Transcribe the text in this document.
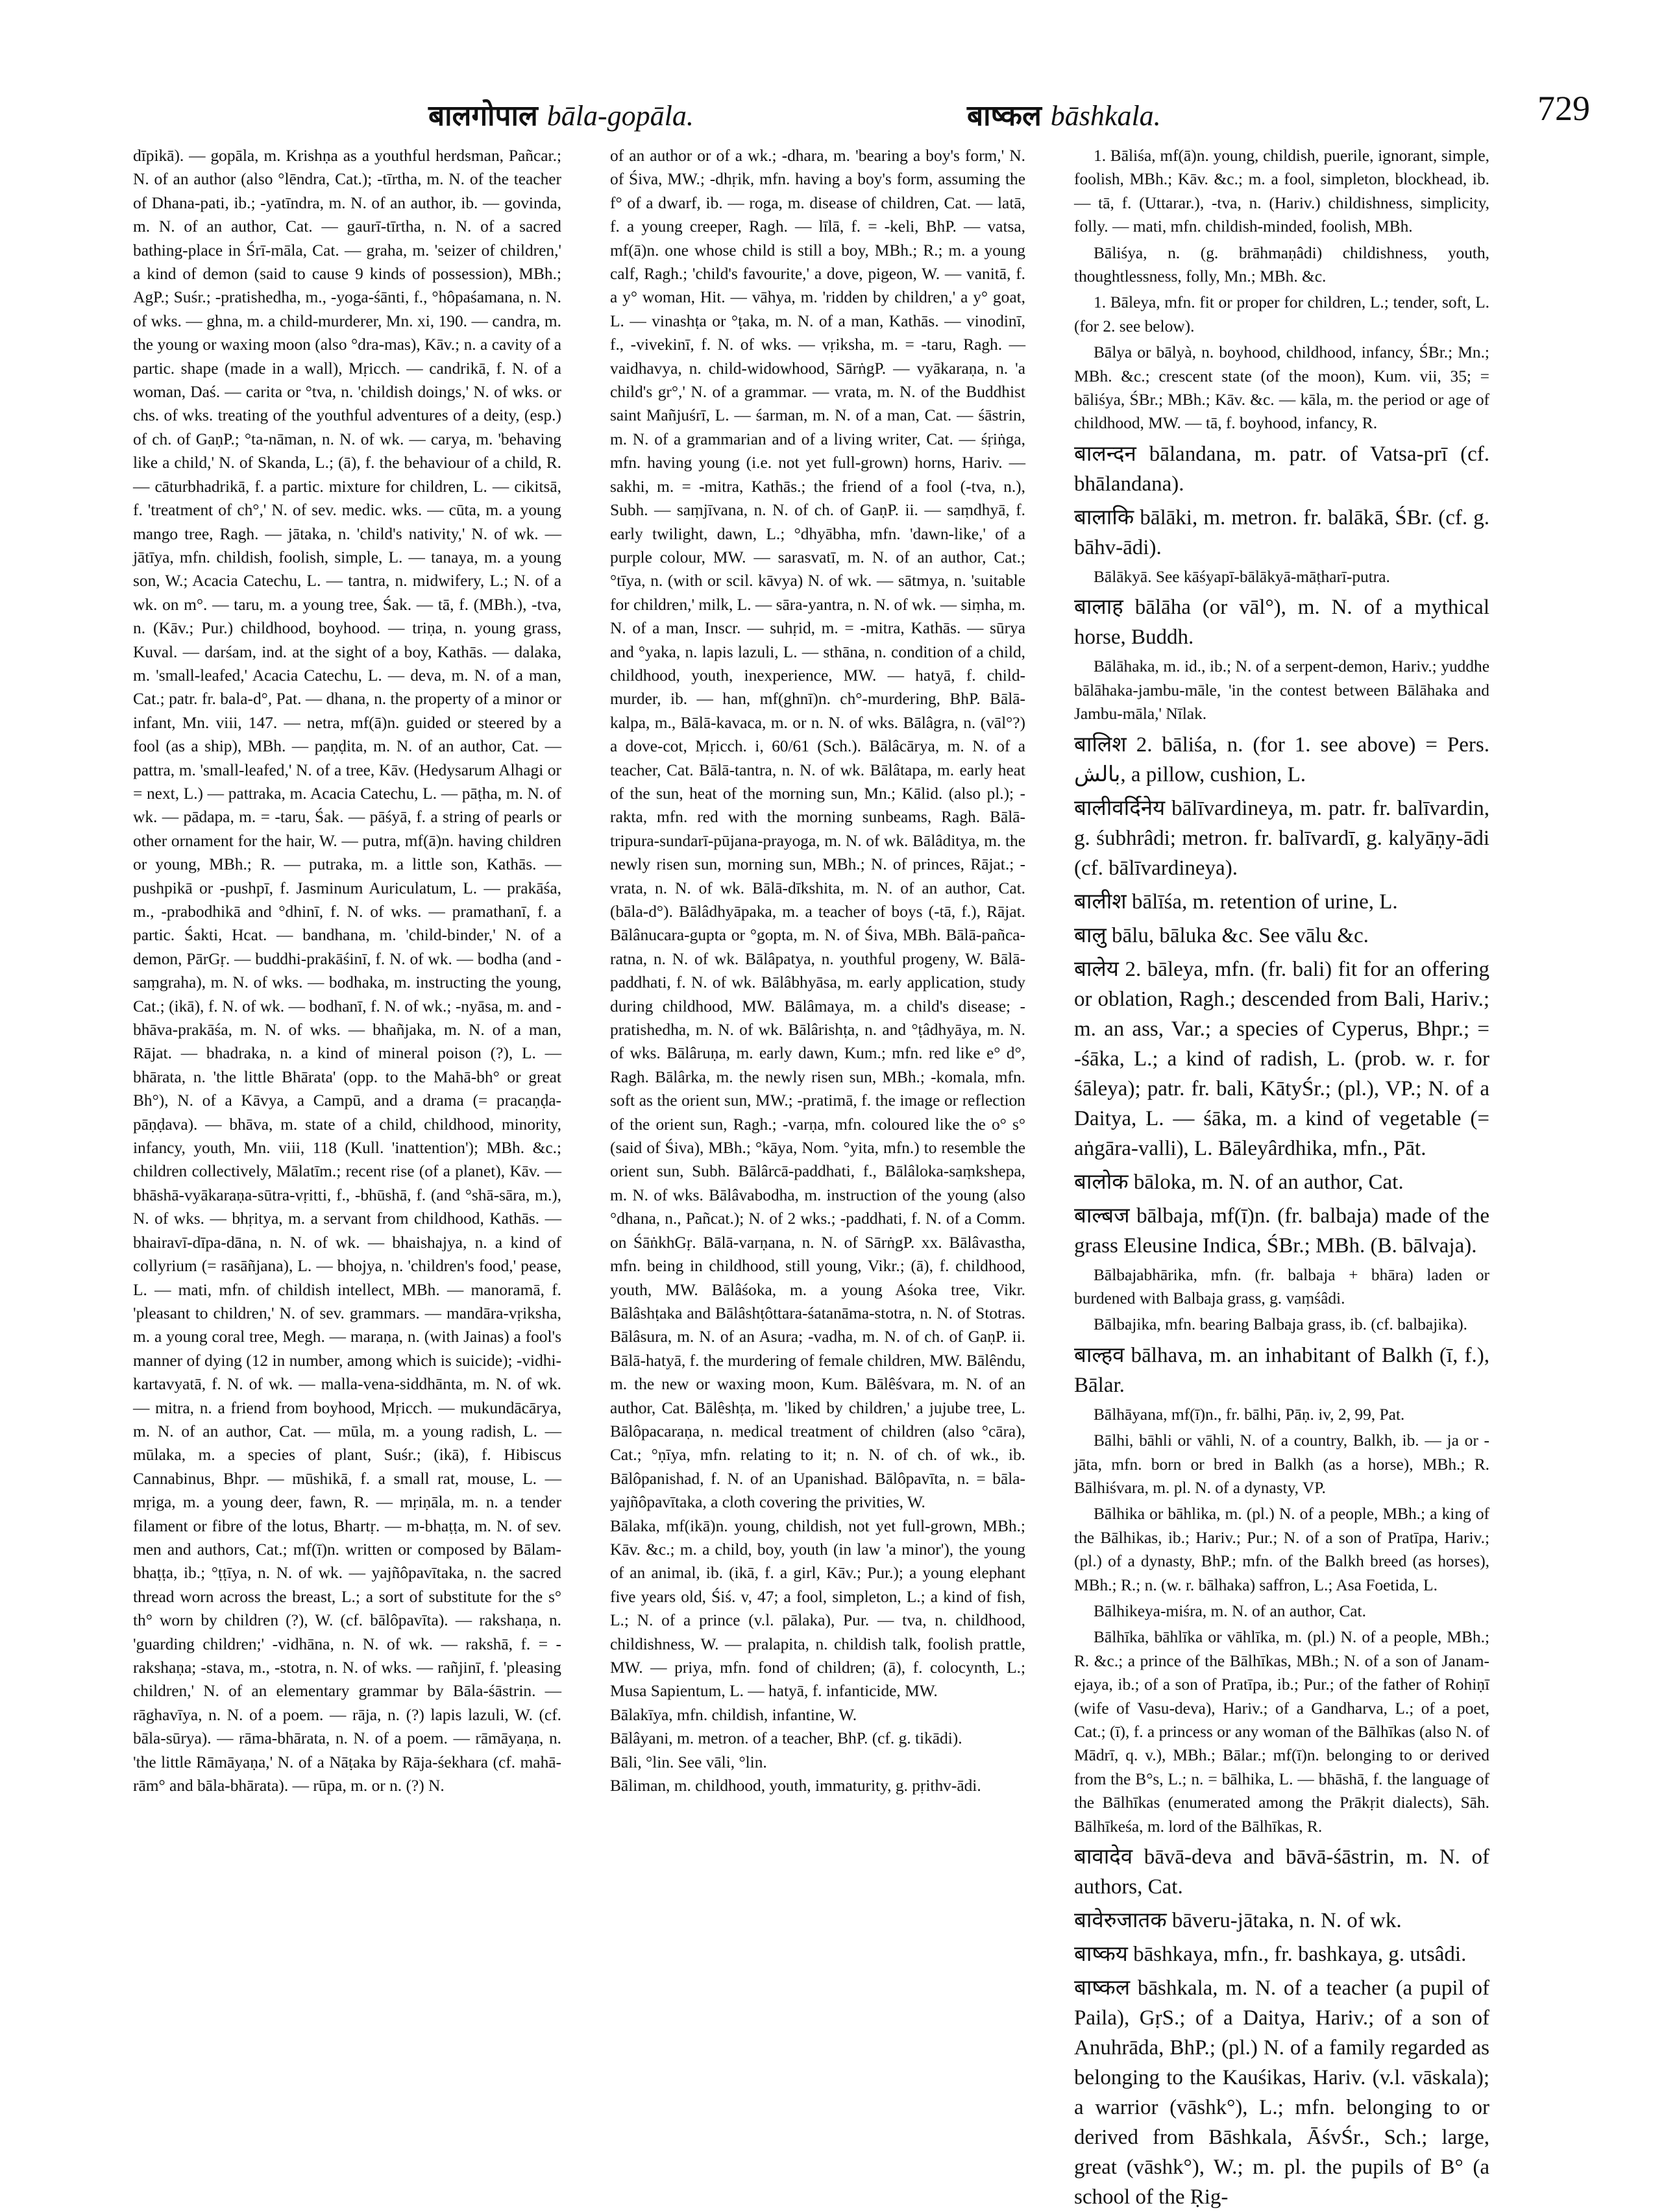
बालगोपाल bāla-gopāla.	बाष्कल bāshkala.	729

dīpikā). — gopāla, m. Krishṇa as a youthful herdsman, Pañcar.; N. of an author (also °lēndra, Cat.); -tīrtha, m. N. of the teacher of Dhana-pati, ib.; -yatīndra, m. N. of an author, ib. — govinda, m. N. of an author, Cat. — gaurī-tīrtha, n. N. of a sacred bathing-place in Śrī-māla, Cat. — graha, m. 'seizer of children,' a kind of demon (said to cause 9 kinds of possession), MBh.; AgP.; Suśr.; -pratishedha, m., -yoga-śānti, f., °hôpaśamana, n. N. of wks. — ghna, m. a child-murderer, Mn. xi, 190. — candra, m. the young or waxing moon (also °dra-mas), Kāv.; n. a cavity of a partic. shape (made in a wall), Mṛicch. — candrikā, f. N. of a woman, Daś. — carita or °tva, n. 'childish doings,' N. of wks. or chs. of wks. treating of the youthful adventures of a deity, (esp.) of ch. of GaṇP.; °ta-nāman, n. N. of wk. — carya, m. 'behaving like a child,' N. of Skanda, L.; (ā), f. the behaviour of a child, R. — cāturbhadrikā, f. a partic. mixture for children, L. — cikitsā, f. 'treatment of ch°,' N. of sev. medic. wks. — cūta, m. a young mango tree, Ragh. — jātaka, n. 'child's nativity,' N. of wk. — jātīya, mfn. childish, foolish, simple, L. — tanaya, m. a young son, W.; Acacia Catechu, L. — tantra, n. midwifery, L.; N. of a wk. on m°. — taru, m. a young tree, Śak. — tā, f. (MBh.), -tva, n. (Kāv.; Pur.) childhood, boyhood. — triṇa, n. young grass, Kuval. — darśam, ind. at the sight of a boy, Kathās. — dalaka, m. 'small-leafed,' Acacia Catechu, L. — deva, m. N. of a man, Cat.; patr. fr. bala-d°, Pat. — dhana, n. the property of a minor or infant, Mn. viii, 147. — netra, mf(ā)n. guided or steered by a fool (as a ship), MBh. — paṇḍita, m. N. of an author, Cat. — pattra, m. 'small-leafed,' N. of a tree, Kāv. (Hedysarum Alhagi or = next, L.) — pattraka, m. Acacia Catechu, L. — pāṭha, m. N. of wk. — pādapa, m. = -taru, Śak. — pāśyā, f. a string of pearls or other ornament for the hair, W. — putra, mf(ā)n. having children or young, MBh.; R. — putraka, m. a little son, Kathās. — pushpikā or -pushpī, f. Jasminum Auriculatum, L. — prakāśa, m., -prabodhikā and °dhinī, f. N. of wks. — pramathanī, f. a partic. Śakti, Hcat. — bandhana, m. 'child-binder,' N. of a demon, PārGṛ. — buddhi-prakāśinī, f. N. of wk. — bodha (and -saṃgraha), m. N. of wks. — bodhaka, m. instructing the young, Cat.; (ikā), f. N. of wk. — bodhanī, f. N. of wk.; -nyāsa, m. and -bhāva-prakāśa, m. N. of wks. — bhañjaka, m. N. of a man, Rājat. — bhadraka, n. a kind of mineral poison (?), L. — bhārata, n. 'the little Bhārata' (opp. to the Mahā-bh° or great Bh°), N. of a Kāvya, a Campū, and a drama (= pracaṇḍa-pāṇḍava). — bhāva, m. state of a child, childhood, minority, infancy, youth, Mn. viii, 118 (Kull. 'inattention'); MBh. &c.; children collectively, Mālatīm.; recent rise (of a planet), Kāv. — bhāshā-vyākaraṇa-sūtra-vṛitti, f., -bhūshā, f. (and °shā-sāra, m.), N. of wks. — bhṛitya, m. a servant from childhood, Kathās. — bhairavī-dīpa-dāna, n. N. of wk. — bhaishajya, n. a kind of collyrium (= rasāñjana), L. — bhojya, n. 'children's food,' pease, L. — mati, mfn. of childish intellect, MBh. — manoramā, f. 'pleasant to children,' N. of sev. grammars. — mandāra-vṛiksha, m. a young coral tree, Megh. — maraṇa, n. (with Jainas) a fool's manner of dying (12 in number, among which is suicide); -vidhi-kartavyatā, f. N. of wk. — malla-vena-siddhānta, m. N. of wk. — mitra, n. a friend from boyhood, Mṛicch. — mukundācārya, m. N. of an author, Cat. — mūla, m. a young radish, L. — mūlaka, m. a species of plant, Suśr.; (ikā), f. Hibiscus Cannabinus, Bhpr. — mūshikā, f. a small rat, mouse, L. — mṛiga, m. a young deer, fawn, R. — mṛiṇāla, m. n. a tender filament or fibre of the lotus, Bhartṛ. — m-bhaṭṭa, m. N. of sev. men and authors, Cat.; mf(ī)n. written or composed by Bālam-bhaṭṭa, ib.; °ṭṭīya, n. N. of wk. — yajñôpavītaka, n. the sacred thread worn across the breast, L.; a sort of substitute for the s° th° worn by children (?), W. (cf. bālôpavīta). — rakshaṇa, n. 'guarding children;' -vidhāna, n. N. of wk. — rakshā, f. = -rakshaṇa; -stava, m., -stotra, n. N. of wks. — rañjinī, f. 'pleasing children,' N. of an elementary grammar by Bāla-śāstrin. — rāghavīya, n. N. of a poem. — rāja, n. (?) lapis lazuli, W. (cf. bāla-sūrya). — rāma-bhārata, n. N. of a poem. — rāmāyaṇa, n. 'the little Rāmāyaṇa,' N. of a Nāṭaka by Rāja-śekhara (cf. mahā-rām° and bāla-bhārata). — rūpa, m. or n. (?) N.

of an author or of a wk.; -dhara, m. 'bearing a boy's form,' N. of Śiva, MW.; -dhṛik, mfn. having a boy's form, assuming the f° of a dwarf, ib. — roga, m. disease of children, Cat. — latā, f. a young creeper, Ragh. — līlā, f. = -keli, BhP. — vatsa, mf(ā)n. one whose child is still a boy, MBh.; R.; m. a young calf, Ragh.; 'child's favourite,' a dove, pigeon, W. — vanitā, f. a y° woman, Hit. — vāhya, m. 'ridden by children,' a y° goat, L. — vinashṭa or °ṭaka, m. N. of a man, Kathās. — vinodinī, f., -vivekinī, f. N. of wks. — vṛiksha, m. = -taru, Ragh. — vaidhavya, n. child-widowhood, SārṅgP. — vyākaraṇa, n. 'a child's gr°,' N. of a grammar. — vrata, m. N. of the Buddhist saint Mañjuśrī, L. — śarman, m. N. of a man, Cat. — śāstrin, m. N. of a grammarian and of a living writer, Cat. — śṛiṅga, mfn. having young (i.e. not yet full-grown) horns, Hariv. — sakhi, m. = -mitra, Kathās.; the friend of a fool (-tva, n.), Subh. — saṃjīvana, n. N. of ch. of GaṇP. ii. — saṃdhyā, f. early twilight, dawn, L.; °dhyābha, mfn. 'dawn-like,' of a purple colour, MW. — sarasvatī, m. N. of an author, Cat.; °tīya, n. (with or scil. kāvya) N. of wk. — sātmya, n. 'suitable for children,' milk, L. — sāra-yantra, n. N. of wk. — siṃha, m. N. of a man, Inscr. — suhṛid, m. = -mitra, Kathās. — sūrya and °yaka, n. lapis lazuli, L. — sthāna, n. condition of a child, childhood, youth, inexperience, MW. — hatyā, f. child-murder, ib. — han, mf(ghnī)n. ch°-murdering, BhP. Bālā-kalpa, m., Bālā-kavaca, m. or n. N. of wks. Bālâgra, n. (vāl°?) a dove-cot, Mṛicch. i, 60/61 (Sch.). Bālâcārya, m. N. of a teacher, Cat. Bālā-tantra, n. N. of wk. Bālâtapa, m. early heat of the sun, heat of the morning sun, Mn.; Kālid. (also pl.); -rakta, mfn. red with the morning sunbeams, Ragh. Bālā-tripura-sundarī-pūjana-prayoga, m. N. of wk. Bālâditya, m. the newly risen sun, morning sun, MBh.; N. of princes, Rājat.; -vrata, n. N. of wk. Bālā-dīkshita, m. N. of an author, Cat. (bāla-d°). Bālâdhyāpaka, m. a teacher of boys (-tā, f.), Rājat. Bālânucara-gupta or °gopta, m. N. of Śiva, MBh. Bālā-pañca-ratna, n. N. of wk. Bālâpatya, n. youthful progeny, W. Bālā-paddhati, f. N. of wk. Bālâbhyāsa, m. early application, study during childhood, MW. Bālâmaya, m. a child's disease; -pratishedha, m. N. of wk. Bālârishṭa, n. and °ṭâdhyāya, m. N. of wks. Bālâruṇa, m. early dawn, Kum.; mfn. red like e° d°, Ragh. Bālârka, m. the newly risen sun, MBh.; -komala, mfn. soft as the orient sun, MW.; -pratimā, f. the image or reflection of the orient sun, Ragh.; -varṇa, mfn. coloured like the o° s° (said of Śiva), MBh.; °kāya, Nom. °yita, mfn.) to resemble the orient sun, Subh. Bālârcā-paddhati, f., Bālâloka-saṃkshepa, m. N. of wks. Bālâvabodha, m. instruction of the young (also °dhana, n., Pañcat.); N. of 2 wks.; -paddhati, f. N. of a Comm. on ŚāṅkhGṛ. Bālā-varṇana, n. N. of SārṅgP. xx. Bālâvastha, mfn. being in childhood, still young, Vikr.; (ā), f. childhood, youth, MW. Bālâśoka, m. a young Aśoka tree, Vikr. Bālâshṭaka and Bālâshṭôttara-śatanāma-stotra, n. N. of Stotras. Bālâsura, m. N. of an Asura; -vadha, m. N. of ch. of GaṇP. ii. Bālā-hatyā, f. the murdering of female children, MW. Bālêndu, m. the new or waxing moon, Kum. Bālêśvara, m. N. of an author, Cat. Bālêshṭa, m. 'liked by children,' a jujube tree, L. Bālôpacaraṇa, n. medical treatment of children (also °cāra), Cat.; °ṇīya, mfn. relating to it; n. N. of ch. of wk., ib. Bālôpanishad, f. N. of an Upanishad. Bālôpavīta, n. = bāla-yajñôpavītaka, a cloth covering the privities, W.

Bālaka, mf(ikā)n. young, childish, not yet full-grown, MBh.; Kāv. &c.; m. a child, boy, youth (in law 'a minor'), the young of an animal, ib. (ikā, f. a girl, Kāv.; Pur.); a young elephant five years old, Śiś. v, 47; a fool, simpleton, L.; a kind of fish, L.; N. of a prince (v.l. pālaka), Pur. — tva, n. childhood, childishness, W. — pralapita, n. childish talk, foolish prattle, MW. — priya, mfn. fond of children; (ā), f. colocynth, L.; Musa Sapientum, L. — hatyā, f. infanticide, MW.

Bālakīya, mfn. childish, infantine, W.

Bālâyani, m. metron. of a teacher, BhP. (cf. g. tikādi).

Bāli, °lin. See vāli, °lin.

Bāliman, m. childhood, youth, immaturity, g. pṛithv-ādi.

1. Bāliśa, mf(ā)n. young, childish, puerile, ignorant, simple, foolish, MBh.; Kāv. &c.; m. a fool, simpleton, blockhead, ib. — tā, f. (Uttarar.), -tva, n. (Hariv.) childishness, simplicity, folly. — mati, mfn. childish-minded, foolish, MBh.

Bāliśya, n. (g. brāhmaṇâdi) childishness, youth, thoughtlessness, folly, Mn.; MBh. &c.

1. Bāleya, mfn. fit or proper for children, L.; tender, soft, L. (for 2. see below).

Bālya or bālyà, n. boyhood, childhood, infancy, ŚBr.; Mn.; MBh. &c.; crescent state (of the moon), Kum. vii, 35; = bāliśya, ŚBr.; MBh.; Kāv. &c. — kāla, m. the period or age of childhood, MW. — tā, f. boyhood, infancy, R.

बालन्दन bālandana, m. patr. of Vatsa-prī (cf. bhālandana).

बालाकि bālāki, m. metron. fr. balākā, ŚBr. (cf. g. bāhv-ādi).

Bālākyā. See kāśyapī-bālākyā-māṭharī-putra.

बालाह bālāha (or vāl°), m. N. of a mythical horse, Buddh.

Bālāhaka, m. id., ib.; N. of a serpent-demon, Hariv.; yuddhe bālāhaka-jambu-māle, 'in the contest between Bālāhaka and Jambu-māla,' Nīlak.

बालिश 2. bāliśa, n. (for 1. see above) = Pers. بالش, a pillow, cushion, L.

बालीवर्दिनेय bālīvardineya, m. patr. fr. balīvardin, g. śubhrâdi; metron. fr. balīvardī, g. kalyāṇy-ādi (cf. bālīvardineya).

बालीश bālīśa, m. retention of urine, L.

बालु bālu, bāluka &c. See vālu &c.

बालेय 2. bāleya, mfn. (fr. bali) fit for an offering or oblation, Ragh.; descended from Bali, Hariv.; m. an ass, Var.; a species of Cyperus, Bhpr.; = -śāka, L.; a kind of radish, L. (prob. w. r. for śāleya); patr. fr. bali, KātyŚr.; (pl.), VP.; N. of a Daitya, L. — śāka, m. a kind of vegetable (= aṅgāra-valli), L. Bāleyârdhika, mfn., Pāt.

बालोक bāloka, m. N. of an author, Cat.

बाल्बज bālbaja, mf(ī)n. (fr. balbaja) made of the grass Eleusine Indica, ŚBr.; MBh. (B. bālvaja).

Bālbajabhārika, mfn. (fr. balbaja + bhāra) laden or burdened with Balbaja grass, g. vaṃśâdi.

Bālbajika, mfn. bearing Balbaja grass, ib. (cf. balbajika).

बाल्हव bālhava, m. an inhabitant of Balkh (ī, f.), Bālar.

Bālhāyana, mf(ī)n., fr. bālhi, Pāṇ. iv, 2, 99, Pat.

Bālhi, bāhli or vāhli, N. of a country, Balkh, ib. — ja or -jāta, mfn. born or bred in Balkh (as a horse), MBh.; R. Bālhiśvara, m. pl. N. of a dynasty, VP.

Bālhika or bāhlika, m. (pl.) N. of a people, MBh.; a king of the Bālhikas, ib.; Hariv.; Pur.; N. of a son of Pratīpa, Hariv.; (pl.) of a dynasty, BhP.; mfn. of the Balkh breed (as horses), MBh.; R.; n. (w. r. bālhaka) saffron, L.; Asa Foetida, L.

Bālhikeya-miśra, m. N. of an author, Cat.

Bālhīka, bāhlīka or vāhlīka, m. (pl.) N. of a people, MBh.; R. &c.; a prince of the Bālhīkas, MBh.; N. of a son of Janam-ejaya, ib.; of a son of Pratīpa, ib.; Pur.; of the father of Rohiṇī (wife of Vasu-deva), Hariv.; of a Gandharva, L.; of a poet, Cat.; (ī), f. a princess or any woman of the Bālhīkas (also N. of Mādrī, q. v.), MBh.; Bālar.; mf(ī)n. belonging to or derived from the B°s, L.; n. = bālhika, L. — bhāshā, f. the language of the Bālhīkas (enumerated among the Prākṛit dialects), Sāh. Bālhīkeśa, m. lord of the Bālhīkas, R.

बावादेव bāvā-deva and bāvā-śāstrin, m. N. of authors, Cat.

बावेरुजातक bāveru-jātaka, n. N. of wk.

बाष्कय bāshkaya, mfn., fr. bashkaya, g. utsâdi.

बाष्कल bāshkala, m. N. of a teacher (a pupil of Paila), GṛS.; of a Daitya, Hariv.; of a son of Anuhrāda, BhP.; (pl.) N. of a family regarded as belonging to the Kauśikas, Hariv. (v.l. vāskala); a warrior (vāshk°), L.; mfn. belonging to or derived from Bāshkala, ĀśvŚr., Sch.; large, great (vāshk°), W.; m. pl. the pupils of B° (a school of the Ṛig-
